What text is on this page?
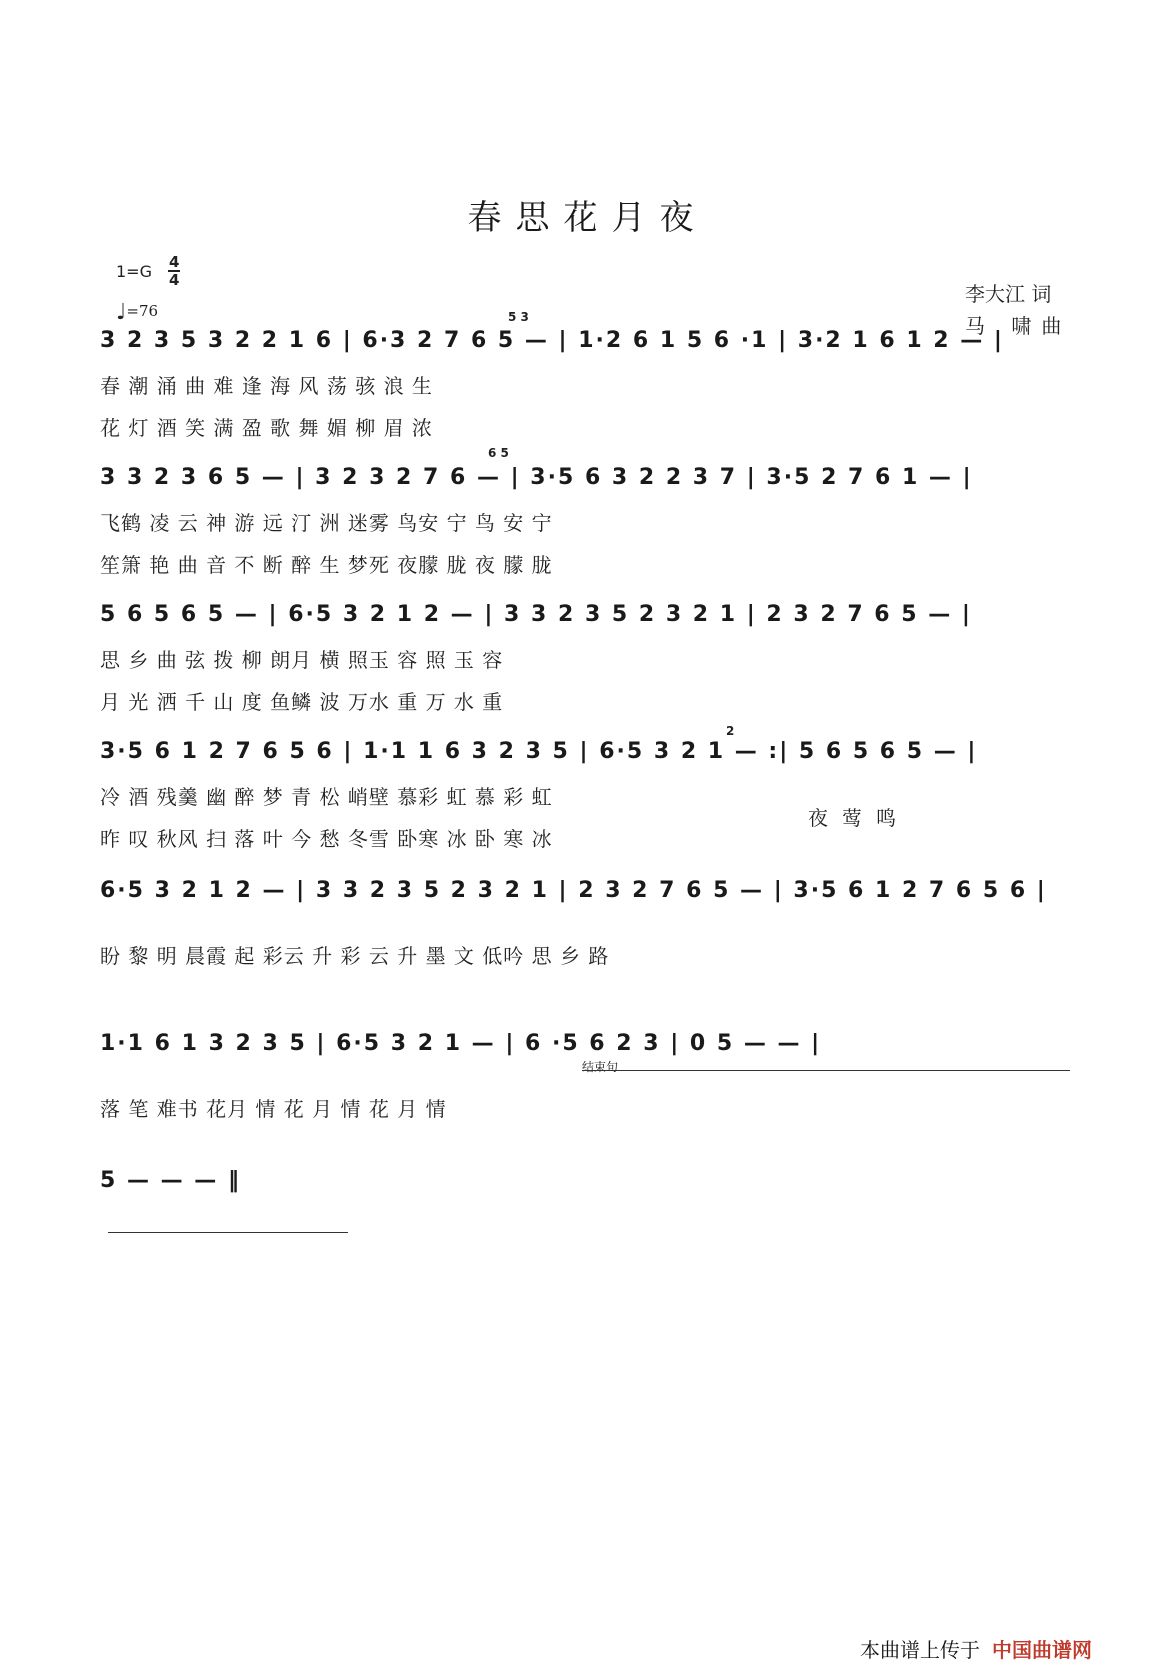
春思花月夜
1=G 4
4
♩=76
李大江 词
马 啸曲
5 3
6 5
2
3 2 3 5 3 2 2 1 6 | 6·3 2 7 6 5 — | 1·2 6 1 5 6 ·1 | 3·2 1 6 1 2 — |
春 潮 涌 曲 难 逢 海 风 荡 骇 浪 生
花 灯 酒 笑 满 盈 歌 舞 媚 柳 眉 浓
3 3 2 3 6 5 — | 3 2 3 2 7 6 — | 3·5 6 3 2 2 3 7 | 3·5 2 7 6 1 — |
飞鹤 凌 云 神 游 远 汀 洲 迷雾 鸟安 宁 鸟 安 宁
笙箫 艳 曲 音 不 断 醉 生 梦死 夜朦 胧 夜 朦 胧
5 6 5 6 5 — | 6·5 3 2 1 2 — | 3 3 2 3 5 2 3 2 1 | 2 3 2 7 6 5 — |
思 乡 曲 弦 拨 柳 朗月 横 照玉 容 照 玉 容
月 光 洒 千 山 度 鱼鳞 波 万水 重 万 水 重
3·5 6 1 2 7 6 5 6 | 1·1 1 6 3 2 3 5 | 6·5 3 2 1 — :| 5 6 5 6 5 — |
冷 酒 残羹 幽 醉 梦 青 松 峭壁 慕彩 虹 慕 彩 虹
昨 叹 秋风 扫 落 叶 今 愁 冬雪 卧寒 冰 卧 寒 冰
夜莺鸣
6·5 3 2 1 2 — | 3 3 2 3 5 2 3 2 1 | 2 3 2 7 6 5 — | 3·5 6 1 2 7 6 5 6 |
盼 黎 明 晨霞 起 彩云 升 彩 云 升 墨 文 低吟 思 乡 路
结束句
1·1 6 1 3 2 3 5 | 6·5 3 2 1 — | 6 ·5 6 2 3 | 0 5 — — |
落 笔 难书 花月 情 花 月 情 花 月 情
5 — — — ‖
本曲谱上传于 中国曲谱网
